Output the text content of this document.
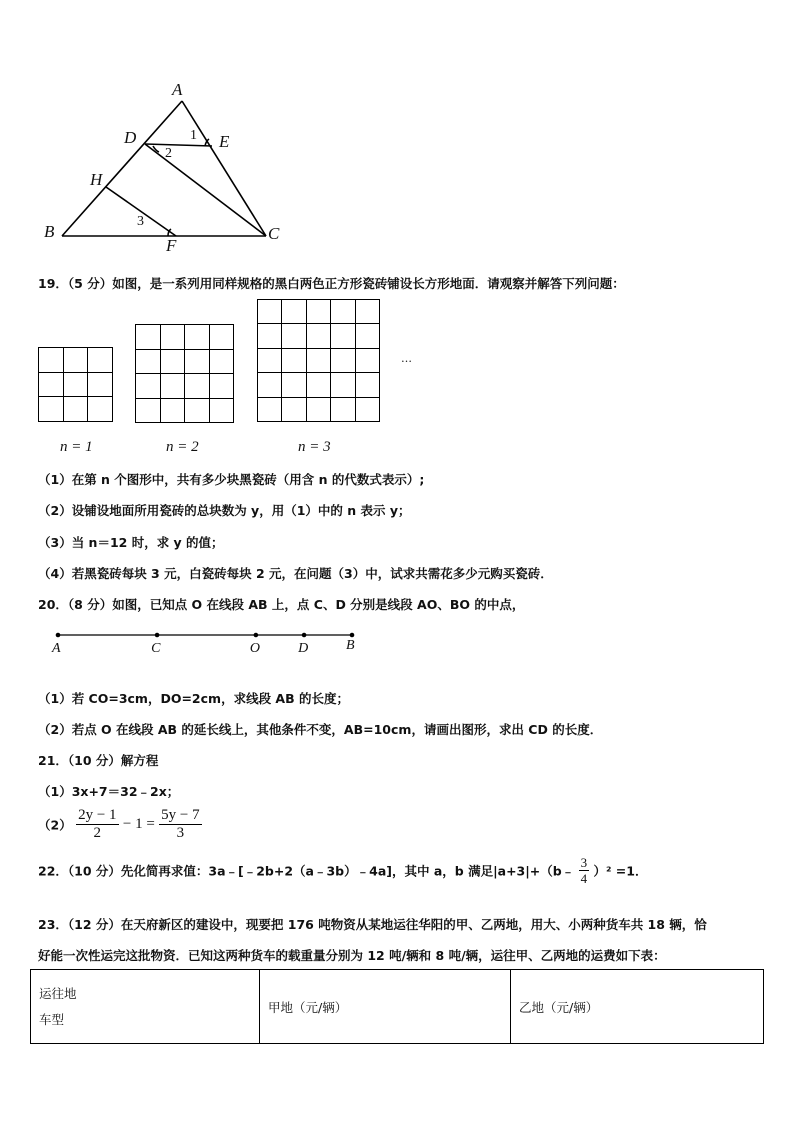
A
D	E
H
B
F
C
1
2
3
19．（5 分）如图，是一系列用同样规格的黑白两色正方形瓷砖铺设长方形地面．请观察并解答下列问题：
…
n = 1	n = 2	n = 3
（1）在第 n 个图形中，共有多少块黑瓷砖（用含 n 的代数式表示）;
（2）设铺设地面所用瓷砖的总块数为 y，用（1）中的 n 表示 y；
（3）当 n＝12 时，求 y 的值；
（4）若黑瓷砖每块 3 元，白瓷砖每块 2 元，在问题（3）中，试求共需花多少元购买瓷砖．
20．（8 分）如图，已知点 O 在线段 AB 上，点 C、D 分别是线段 AO、BO 的中点，
A	C	O	D	B
（1）若 CO=3cm，DO=2cm，求线段 AB 的长度；
（2）若点 O 在线段 AB 的延长线上，其他条件不变，AB=10cm，请画出图形，求出 CD 的长度．
21．（10 分）解方程
（1）3x+7＝32﹣2x；
$(2) \frac{2y - 1}{2} - 1 = \frac{5y - 7}{3}$
22．（10 分）先化简再求值：3a﹣[﹣2b+2（a﹣3b）﹣4a]，其中 a，b 满足|a+3|+（b﹣ $\frac{3}{4} )^2 =1$．
23．（12 分）在天府新区的建设中，现要把 176 吨物资从某地运往华阳的甲、乙两地，用大、小两种货车共 18 辆，恰
好能一次性运完这批物资．已知这两种货车的载重量分别为 12 吨/辆和 8 吨/辆，运往甲、乙两地的运费如下表：
运往地
车型
	甲地（元/辆）	乙地（元/辆）
